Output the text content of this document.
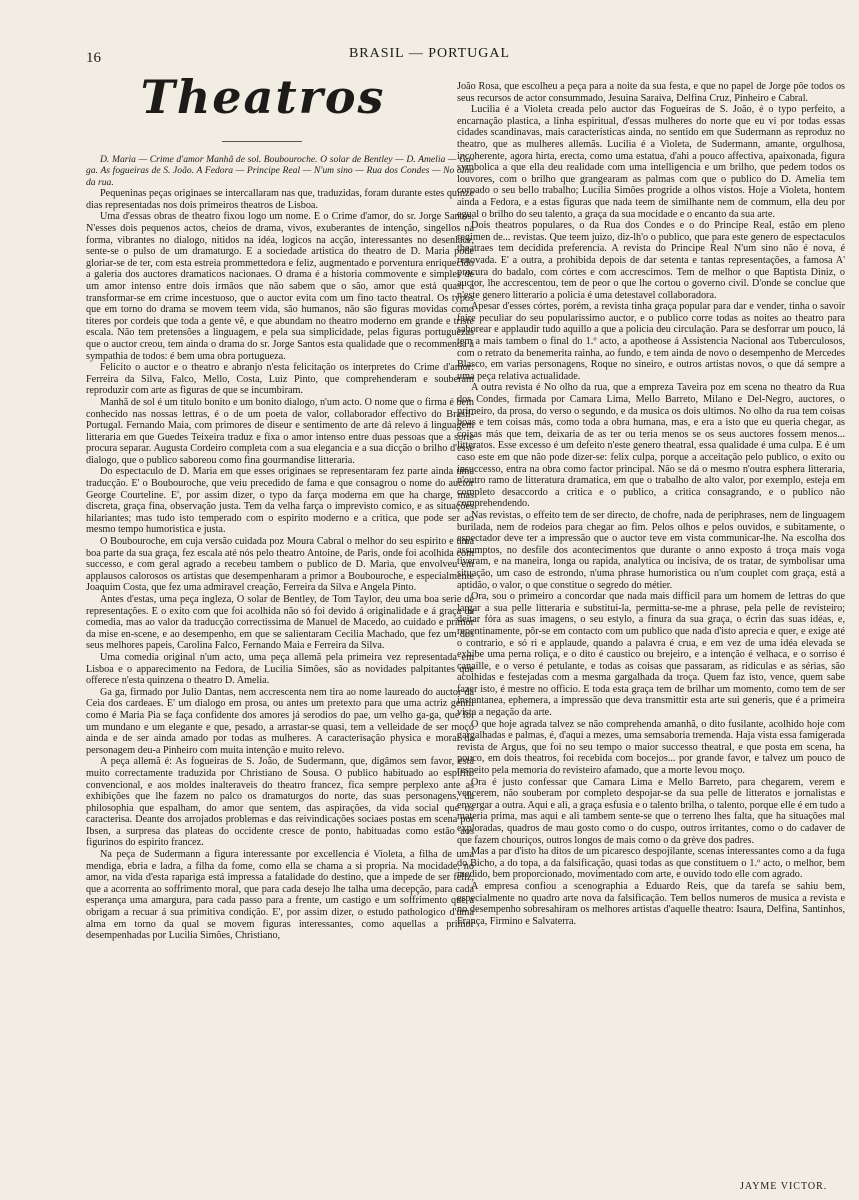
16	BRASIL — PORTUGAL
Theatros

D. Maria — Crime d'amor Manhã de sol. Boubouroche. O solar de Bentley — D. Amelia — Ga-ga. As fogueiras de S. João. A Fedora — Principe Real — N'um sino — Rua dos Condes — No olho da rua.

Pequeninas peças originaes se intercallaram nas que, traduzidas, foram durante estes quinze dias representadas nos dois primeiros theatros de Lisboa.

Uma d'essas obras de theatro fixou logo um nome. E o Crime d'amor, do sr. Jorge Santos. N'esses dois pequenos actos, cheios de drama, vivos, exuberantes de intenção, singellos na forma, vibrantes no dialogo, nitidos na idéa, logicos na acção, interessantes no desenlace, sente-se o pulso de um dramaturgo. E a sociedade artistica do theatro de D. Maria pode gloriar-se de ter, com esta estreia prommettedora e feliz, augmentado e porventura enriquecido a galeria dos auctores dramaticos nacionaes. O drama é a historia commovente e simples de um amor intenso entre dois irmãos que não sabem que o são, amor que está quasi a transformar-se em crime incestuoso, que o auctor evita com um fino tacto theatral. Os typos que em torno do drama se movem teem vida, são humanos, não são figuras movidas como titeres por cordeis que toda a gente vê, e que abundam no theatro moderno em grande e triste escala. Não tem pretensões a linguagem, e pela sua simplicidade, pelas figuras portuguezas que o auctor creou, tem ainda o drama do sr. Jorge Santos esta qualidade que o recommenda á sympathia de todos: é bem uma obra portugueza.

Felicito o auctor e o theatro e abranjo n'esta felicitação os interpretes do Crime d'amor: Ferreira da Silva, Falco, Mello, Costa, Luiz Pinto, que comprehenderam e souberam reproduzir com arte as figuras de que se incumbiram.

Manhã de sol é um titulo bonito e um bonito dialogo, n'um acto. O nome que o firma é bem conhecido nas nossas lettras, é o de um poeta de valor, collaborador effectivo do Brasil-Portugal. Fernando Maia, com primores de diseur e sentimento de arte dá relevo á linguagem litteraria em que Guedes Teixeira traduz e fixa o amor intenso entre duas pessoas que a sorte procura separar. Augusta Cordeiro completa com a sua elegancia e a sua dicção o brilho d'esse dialogo, que o publico saboreou como fina gourmandise litteraria.

Do espectaculo de D. Maria em que esses originaes se representaram fez parte ainda uma traducção. E' o Boubouroche, que veiu precedido de fama e que consagrou o nome do auctor George Courteline. E', por assim dizer, o typo da farça moderna em que ha charge, mas discreta, graça fina, observação justa. Tem da velha farça o imprevisto comico, e as situações hilariantes; mas tudo isto temperado com o espirito moderno e a critica, que pode ser ao mesmo tempo humoristica e justa.

O Boubouroche, em cuja versão cuidada poz Moura Cabral o melhor do seu espirito e uma boa parte da sua graça, fez escala até nós pelo theatro Antoine, de Paris, onde foi acolhida com successo, e com geral agrado a recebeu tambem o publico de D. Maria, que envolveu em applausos calorosos os artistas que desempenharam a primor a Boubouroche, e especialmente Joaquim Costa, que fez uma admiravel creação, Ferreira da Silva e Angela Pinto.

Antes d'estas, uma peça ingleza, O solar de Bentley, de Tom Taylor, deu uma boa serie de representações. E o exito com que foi acolhida não só foi devido á originalidade e á graça da comedia, mas ao valor da traducção correctissima de Manuel de Macedo, ao cuidado e primor da mise en-scene, e ao desempenho, em que se salientaram Cecilia Machado, que fez um dos seus melhores papeis, Carolina Falco, Fernando Maia e Ferreira da Silva.

Uma comedia original n'um acto, uma peça allemã pela primeira vez representada em Lisboa e o apparecimento na Fedora, de Lucilia Simões, são as novidades palpitantes que offerece n'esta quinzena o theatro D. Amelia.

Ga ga, firmado por Julio Dantas, nem accrescenta nem tira ao nome laureado do auctor da Ceia dos cardeaes. E' um dialogo em prosa, ou antes um pretexto para que uma actriz gentil como é Maria Pia se faça confidente dos amores já serodios do pae, um velho ga-ga, que foi um mundano e um elegante e que, pesado, a arrastar-se quasi, tem a velleidade de ser moço ainda e de ser ainda amado por todas as mulheres. A caracterisação physica e moral da personagem deu-a Pinheiro com muita intenção e muito relevo.

A peça allemã é: As fogueiras de S. João, de Sudermann, que, digâmos sem favor, está muito correctamente traduzida por Christiano de Sousa. O publico habituado ao espirito convencional, e aos moldes inalteraveis do theatro francez, fica sempre perplexo ante as exhibições que lhe fazem no palco os dramaturgos do norte, das suas personagens, da philosophia que espalham, do amor que sentem, das aspirações, da vida social que os caracterisa. Deante dos arrojados problemas e das reivindicações sociaes postas em scena por Ibsen, a surpresa das plateas do occidente cresce de ponto, habituadas como estão aos figurinos do espirito francez.

Na peça de Sudermann a figura interessante por excellencia é Violeta, a filha de uma mendiga, ebria e ladra, a filha da fome, como ella se chama a si propria. Na mocidade, no amor, na vida d'esta rapariga está impressa a fatalidade do destino, que a impede de ser feliz, que a acorrenta ao soffrimento moral, que para cada desejo lhe talha uma decepção, para cada esperança uma amargura, para cada passo para a frente, um castigo e um soffrimento que a obrigam a recuar á sua primitiva condição. E', por assim dizer, o estudo pathologico d'uma alma em torno da qual se movem figuras interessantes, como aquellas a primor desempenhadas por Lucilia Simões, Christiano,

João Rosa, que escolheu a peça para a noite da sua festa, e que no papel de Jorge pôe todos os seus recursos de actor consummado, Jesuina Saraiva, Delfina Cruz, Pinheiro e Cabral.

Lucilia é a Violeta creada pelo auctor das Fogueiras de S. João, é o typo perfeito, a encarnação plastica, a linha espiritual, d'essas mulheres do norte que eu vi por todas essas cidades scandinavas, mais caracteristicas ainda, no sentido em que Sudermann as reproduz no theatro, que as mulheres allemãs. Lucilia é a Violeta, de Sudermann, amante, orgulhosa, incoherente, agora hirta, erecta, como uma estatua, d'ahi a pouco affectiva, apaixonada, figura symbolica a que ella deu realidade com uma intelligencia e um brilho, que pedem todos os louvores, com o brilho que grangearam as palmas com que o publico do D. Amelia tem coroado o seu bello trabalho; Lucilia Simões progride a olhos vistos. Hoje a Violeta, hontem ainda a Fedora, e a estas figuras que nada teem de similhante nem de commum, ella deu por egual o brilho do seu talento, a graça da sua mocidade e o encanto da sua arte.

Dois theatros populares, o da Rua dos Condes e o do Principe Real, estão em pleno regimen de... revistas. Que teem juizo, diz-lh'o o publico, que para este genero de espectaculos theatraes tem decidida preferencia. A revista do Principe Real N'um sino não é nova, é renovada. E' a outra, a prohibida depois de dar setenta e tantas representações, a famosa A' procura do badalo, com córtes e com accrescimos. Tem de melhor o que Baptista Diniz, o auctor, lhe accrescentou, tem de peor o que lhe cortou o governo civil. D'onde se conclue que n'este genero litterario a policia é uma detestavel collaboradora.

Apesar d'esses córtes, porém, a revista tinha graça popular para dar e vender, tinha o savoir faire peculiar do seu popularissimo auctor, e o publico corre todas as noites ao theatro para saborear e applaudir tudo aquillo a que a policia deu circulação. Para se desforrar um pouco, lá tem a mais tambem o final do 1.º acto, a apotheose á Assistencia Nacional aos Tuberculosos, com o retrato da benemerita rainha, ao fundo, e tem ainda de novo o desempenho de Mercedes Blasco, em varias personagens, Roque no sineiro, e outros artistas novos, o que dá sempre a uma peça relativa actualidade.

A outra revista é No olho da rua, que a empreza Taveira poz em scena no theatro da Rua dos Condes, firmada por Camara Lima, Mello Barreto, Milano e Del-Negro, auctores, o primeiro, da prosa, do verso o segundo, e da musica os dois ultimos. No olho da rua tem coisas boas e tem coisas más, como toda a obra humana, mas, e era a isto que eu queria chegar, as coisas más que tem, deixaria de as ter ou teria menos se os seus auctores fossem menos... litteratos. Esse excesso é um defeito n'este genero theatral, essa qualidade é uma culpa. E é um caso este em que não pode dizer-se: felix culpa, porque a acceitação pelo publico, o exito ou insuccesso, entra na obra como factor principal. Não se dá o mesmo n'outra esphera litteraria, n'outro ramo de litteratura dramatica, em que o trabalho de alto valor, por exemplo, esteja em completo desaccordo a critica e o publico, a critica consagrando, e o publico não comprehendendo.

Nas revistas, o effeito tem de ser directo, de chofre, nada de periphrases, nem de linguagem burilada, nem de rodeios para chegar ao fim. Pelos olhos e pelos ouvidos, e subitamente, o espectador deve ter a impressão que o auctor teve em vista communicar-lhe. Na escolha dos assumptos, no desfile dos acontecimentos que durante o anno exposto á troça mais voga tiveram, e na maneira, longa ou rapida, analytica ou incisiva, de os tratar, de symbolisar uma situação, um caso de estrondo, n'uma phrase humoristica ou n'um couplet com graça, está a aptidão, o valor, o que constitue o segredo do métier.

Ora, sou o primeiro a concordar que nada mais difficil para um homem de lettras do que largar a sua pelle litteraria e substitui-la, permitta-se-me a phrase, pela pelle de revisteiro; deitar fóra as suas imagens, o seu estylo, a finura da sua graça, o écrin das suas idéas, e, repentinamente, pôr-se em contacto com um publico que nada d'isto aprecia e quer, e exige até o contrario, e só ri e applaude, quando a palavra é crua, e em vez de uma idéa elevada se exhibe uma perna roliça, e o dito é caustico ou brejeiro, e a intenção é velhaca, e o sorriso é canaille, e o verso é petulante, e todas as coisas que passaram, as ridiculas e as sérias, são acolhidas e festejadas com a mesma gargalhada da troça. Quem faz isto, vence, quem sabe fazer isto, é mestre no officio. E toda esta graça tem de brilhar um momento, como tem de ser instantanea, ephemera, a impressão que deva transmittir esta arte sui generis, que é a primeira vista a negação da arte.

O que hoje agrada talvez se não comprehenda amanhã, o dito fusilante, acolhido hoje com gargalhadas e palmas, é, d'aqui a mezes, uma semsaboria tremenda. Haja vista essa famigerada revista de Argus, que foi no seu tempo o maior successo theatral, e que posta em scena, ha pouco, em dois theatros, foi recebida com bocejos... por grande favor, e talvez um pouco de respeito pela memoria do revisteiro afamado, que a morte levou moço.

Ora é justo confessar que Camara Lima e Mello Barreto, para chegarem, verem e vencerem, não souberam por completo despojar-se da sua pelle de litteratos e jornalistas e envergar a outra. Aqui e ali, a graça esfusia e o talento brilha, o talento, porque elle é em tudo a materia prima, mas aqui e ali tambem sente-se que o terreno lhes falta, que ha situações mal exploradas, quadros de mau gosto como o do cuspo, outros irritantes, como o do cadaver de que fazem chouriços, outros longos de mais como o da grève dos padres.

Mas a par d'isto ha ditos de um picaresco despojilante, scenas interessantes como a da fuga do Bicho, a do topa, a da falsificação, quasi todas as que constituem o 1.º acto, o melhor, bem medido, bem proporcionado, movimentado com arte, e ouvido todo elle com agrado.

A empresa confiou a scenographia a Eduardo Reis, que da tarefa se sahiu bem, especialmente no quadro arte nova da falsificação. Tem bellos numeros de musica a revista e no desempenho sobresahiram os melhores artistas d'aquelle theatro: Isaura, Delfina, Santinhos, França, Firmino e Salvaterra.

JAYME VICTOR.
